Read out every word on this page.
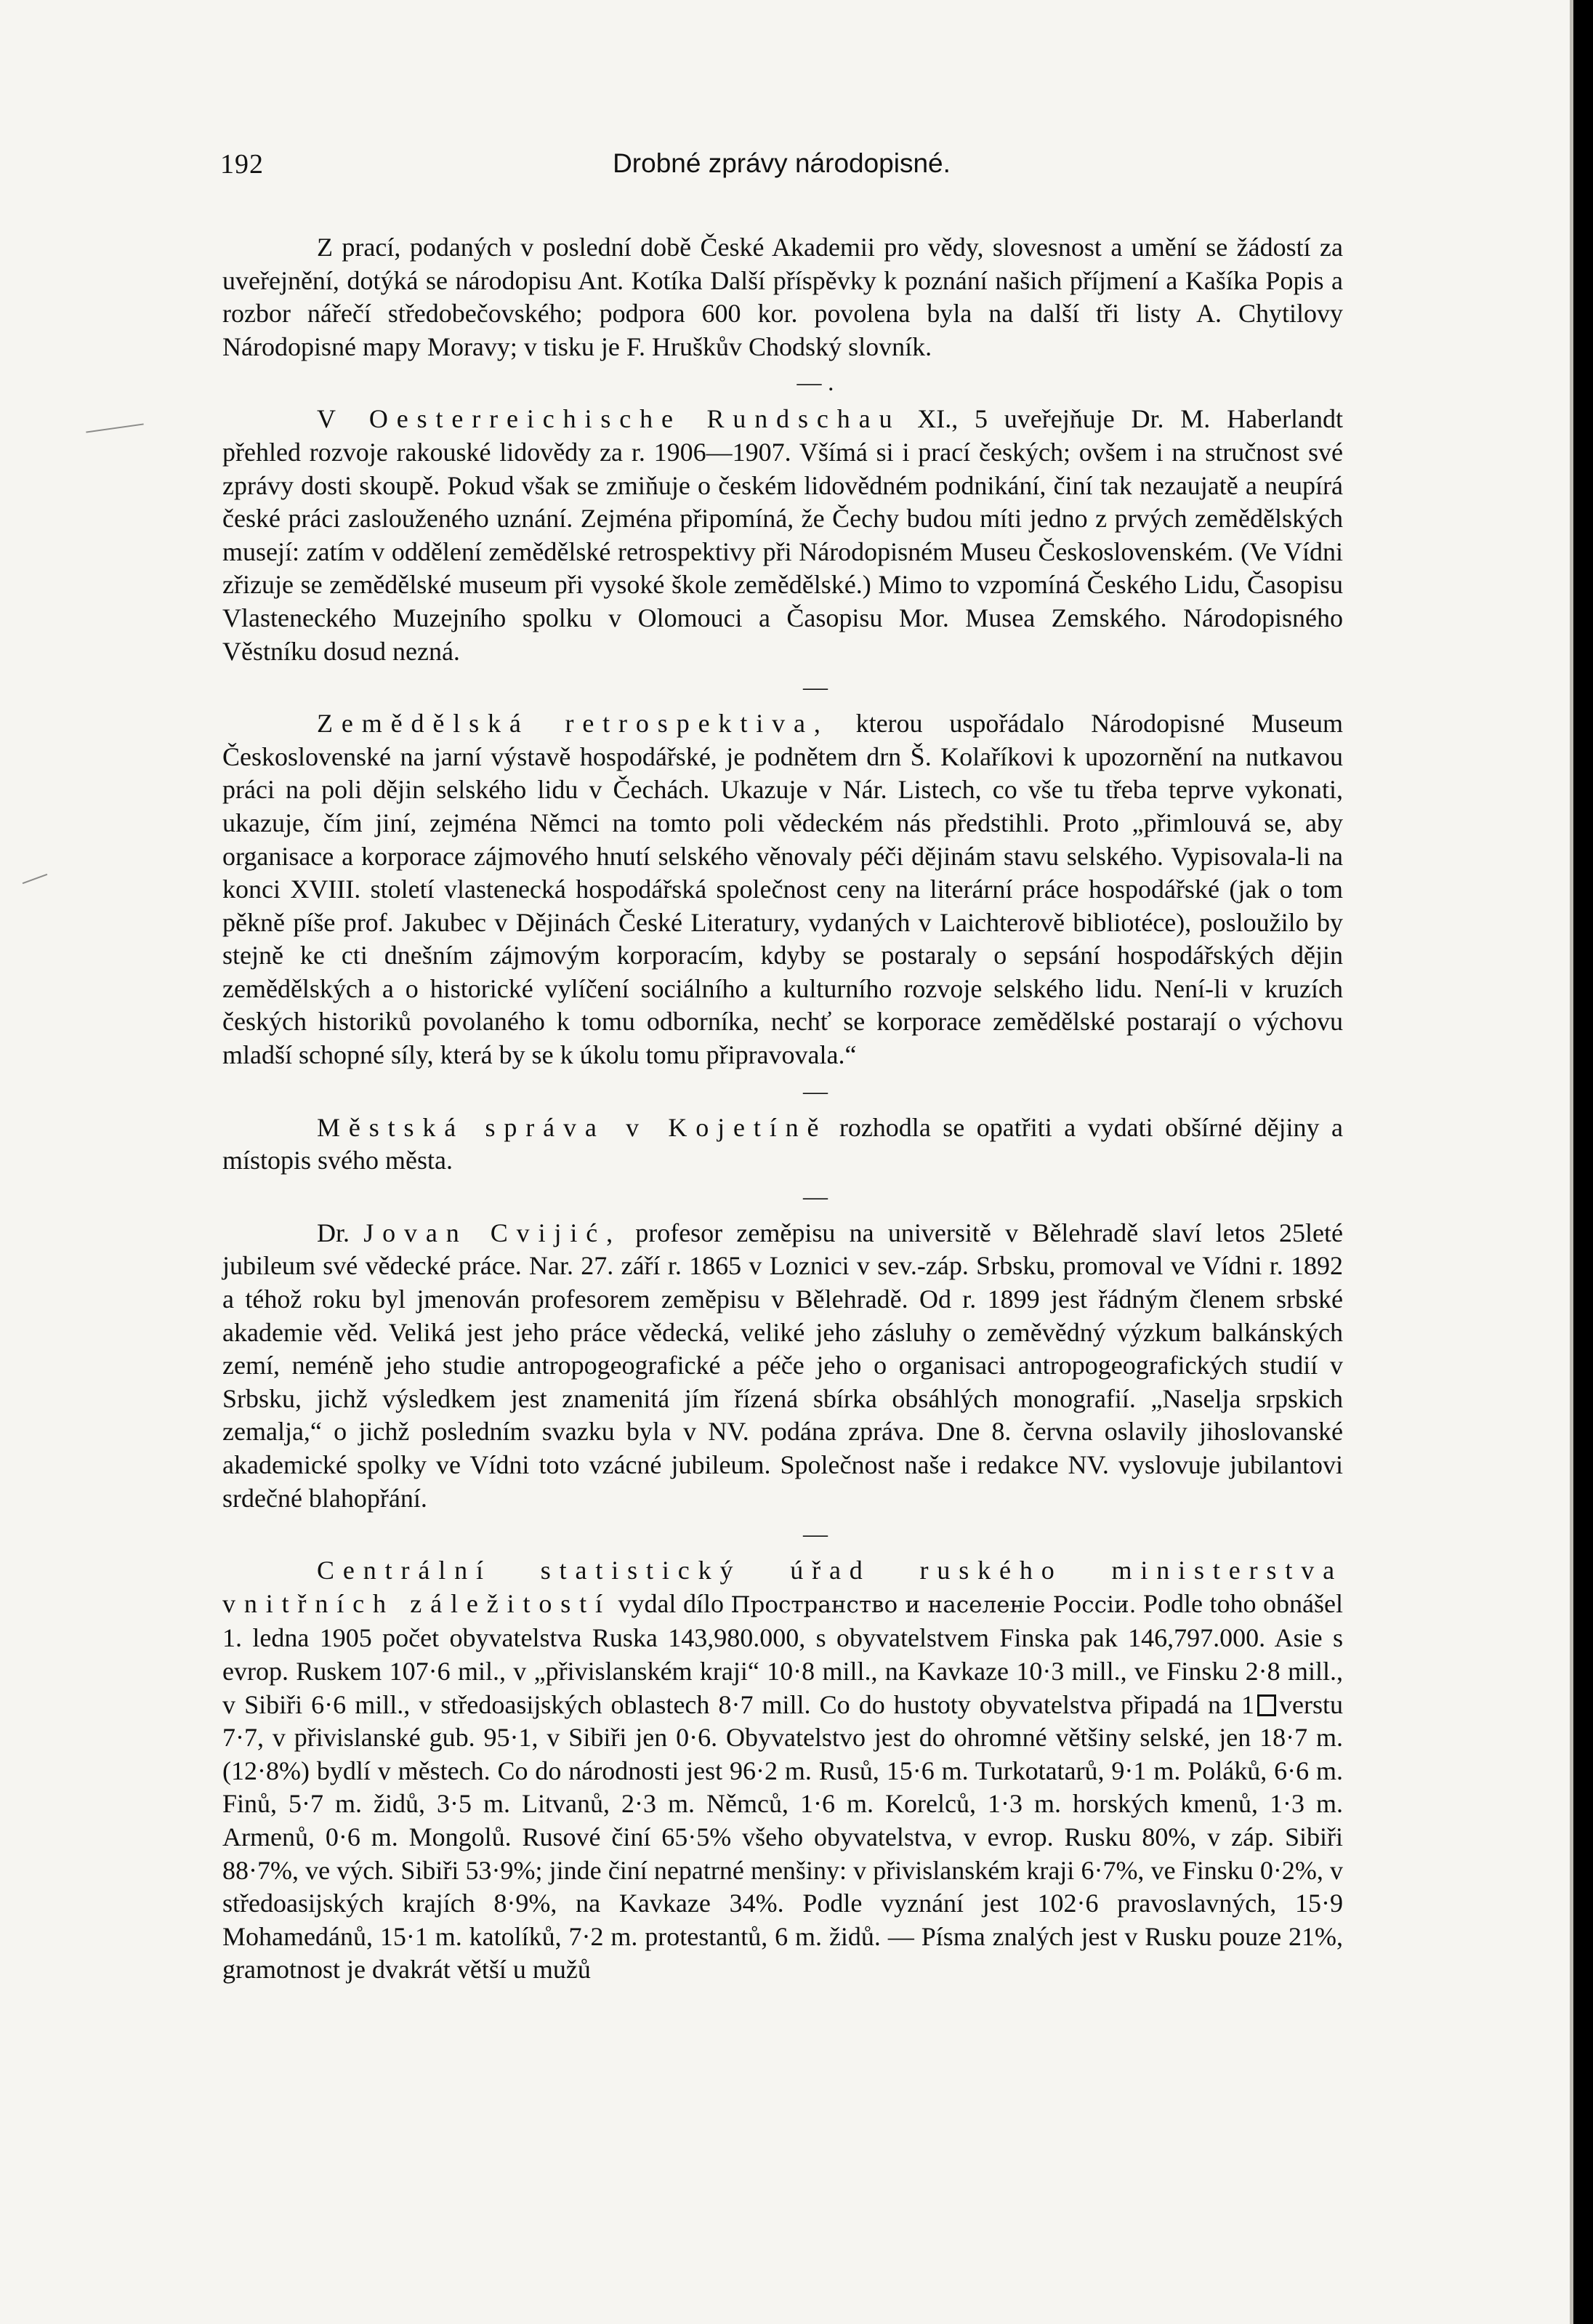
192	Drobné zprávy národopisné.

Z prací, podaných v poslední době České Akademii pro vědy, slovesnost a umění se žádostí za uveřejnění, dotýká se národopisu Ant. Kotíka Další příspěvky k poznání našich příjmení a Kašíka Popis a rozbor nářečí středobečovského; podpora 600 kor. povolena byla na další tři listy A. Chytilovy Národopisné mapy Moravy; v tisku je F. Hruškův Chodský slovník.

— .

V Oesterreichische Rundschau XI., 5 uveřejňuje Dr. M. Haberlandt přehled rozvoje rakouské lidovědy za r. 1906—1907. Všímá si i prací českých; ovšem i na stručnost své zprávy dosti skoupě. Pokud však se zmiňuje o českém lidovědném podnikání, činí tak nezaujatě a neupírá české práci zaslouženého uznání. Zejména připomíná, že Čechy budou míti jedno z prvých zemědělských musejí: zatím v oddělení zemědělské retrospektivy při Národopisném Museu Československém. (Ve Vídni zřizuje se zemědělské museum při vysoké škole zemědělské.) Mimo to vzpomíná Českého Lidu, Časopisu Vlasteneckého Muzejního spolku v Olomouci a Časopisu Mor. Musea Zemského. Národopisného Věstníku dosud nezná.

—

Zemědělská retrospektiva, kterou uspořádalo Národopisné Museum Československé na jarní výstavě hospodářské, je podnětem drn Š. Kolaříkovi k upozornění na nutkavou práci na poli dějin selského lidu v Čechách. Ukazuje v Nár. Listech, co vše tu třeba teprve vykonati, ukazuje, čím jiní, zejména Němci na tomto poli vědeckém nás předstihli. Proto „přimlouvá se, aby organisace a korporace zájmového hnutí selského věnovaly péči dějinám stavu selského. Vypisovala-li na konci XVIII. století vlastenecká hospodářská společnost ceny na literární práce hospodářské (jak o tom pěkně píše prof. Jakubec v Dějinách České Literatury, vydaných v Laichterově bibliotéce), posloužilo by stejně ke cti dnešním zájmovým korporacím, kdyby se postaraly o sepsání hospodářských dějin zemědělských a o historické vylíčení sociálního a kulturního rozvoje selského lidu. Není-li v kruzích českých historiků povolaného k tomu odborníka, nechť se korporace zemědělské postarají o výchovu mladší schopné síly, která by se k úkolu tomu připravovala.“

—

Městská správa v Kojetíně rozhodla se opatřiti a vydati obšírné dějiny a místopis svého města.

—

Dr. Jovan Cvijić, profesor zeměpisu na universitě v Bělehradě slaví letos 25leté jubileum své vědecké práce. Nar. 27. září r. 1865 v Loznici v sev.-záp. Srbsku, promoval ve Vídni r. 1892 a téhož roku byl jmenován profesorem zeměpisu v Bělehradě. Od r. 1899 jest řádným členem srbské akademie věd. Veliká jest jeho práce vědecká, veliké jeho zásluhy o zeměvědný výzkum balkánských zemí, neméně jeho studie antropogeografické a péče jeho o organisaci antropogeografických studií v Srbsku, jichž výsledkem jest znamenitá jím řízená sbírka obsáhlých monografií. „Naselja srpskich zemalja,“ o jichž posledním svazku byla v NV. podána zpráva. Dne 8. června oslavily jihoslovanské akademické spolky ve Vídni toto vzácné jubileum. Společnost naše i redakce NV. vyslovuje jubilantovi srdečné blahopřání.

—

Centrální statistický úřad ruského ministerstva vnitřních záležitostí vydal dílo Пространство и населеніе Россіи. Podle toho obnášel 1. ledna 1905 počet obyvatelstva Ruska 143,980.000, s obyvatelstvem Finska pak 146,797.000. Asie s evrop. Ruskem 107·6 mil., v „přivislanském kraji“ 10·8 mill., na Kavkaze 10·3 mill., ve Finsku 2·8 mill., v Sibiři 6·6 mill., v středoasijských oblastech 8·7 mill. Co do hustoty obyvatelstva připadá na 1 verstu 7·7, v přivislanské gub. 95·1, v Sibiři jen 0·6. Obyvatelstvo jest do ohromné většiny selské, jen 18·7 m. (12·8%) bydlí v městech. Co do národnosti jest 96·2 m. Rusů, 15·6 m. Turkotatarů, 9·1 m. Poláků, 6·6 m. Finů, 5·7 m. židů, 3·5 m. Litvanů, 2·3 m. Němců, 1·6 m. Korelců, 1·3 m. horských kmenů, 1·3 m. Armenů, 0·6 m. Mongolů. Rusové činí 65·5% všeho obyvatelstva, v evrop. Rusku 80%, v záp. Sibiři 88·7%, ve vých. Sibiři 53·9%; jinde činí nepatrné menšiny: v přivislanském kraji 6·7%, ve Finsku 0·2%, v středoasijských krajích 8·9%, na Kavkaze 34%. Podle vyznání jest 102·6 pravoslavných, 15·9 Mohamedánů, 15·1 m. katolíků, 7·2 m. protestantů, 6 m. židů. — Písma znalých jest v Rusku pouze 21%, gramotnost je dvakrát větší u mužů
